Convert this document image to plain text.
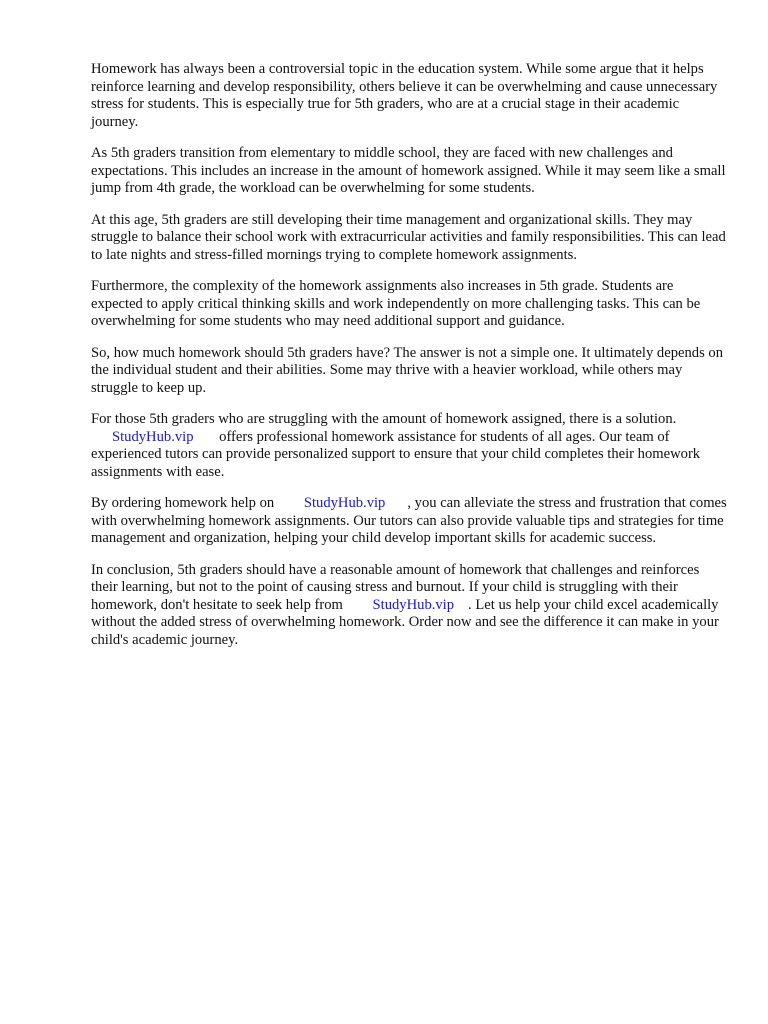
Homework has always been a controversial topic in the education system. While some argue that it helps reinforce learning and develop responsibility, others believe it can be overwhelming and cause unnecessary stress for students. This is especially true for 5th graders, who are at a crucial stage in their academic journey.

As 5th graders transition from elementary to middle school, they are faced with new challenges and expectations. This includes an increase in the amount of homework assigned. While it may seem like a small jump from 4th grade, the workload can be overwhelming for some students.

At this age, 5th graders are still developing their time management and organizational skills. They may struggle to balance their school work with extracurricular activities and family responsibilities. This can lead to late nights and stress-filled mornings trying to complete homework assignments.

Furthermore, the complexity of the homework assignments also increases in 5th grade. Students are expected to apply critical thinking skills and work independently on more challenging tasks. This can be overwhelming for some students who may need additional support and guidance.

So, how much homework should 5th graders have? The answer is not a simple one. It ultimately depends on the individual student and their abilities. Some may thrive with a heavier workload, while others may struggle to keep up.

For those 5th graders who are struggling with the amount of homework assigned, there is a solution.
StudyHub.vip offers professional homework assistance for students of all ages. Our team of experienced tutors can provide personalized support to ensure that your child completes their homework assignments with ease.

By ordering homework help on StudyHub.vip , you can alleviate the stress and frustration that comes with overwhelming homework assignments. Our tutors can also provide valuable tips and strategies for time management and organization, helping your child develop important skills for academic success.

In conclusion, 5th graders should have a reasonable amount of homework that challenges and reinforces their learning, but not to the point of causing stress and burnout. If your child is struggling with their homework, don't hesitate to seek help from StudyHub.vip . Let us help your child excel academically without the added stress of overwhelming homework. Order now and see the difference it can make in your child's academic journey.
